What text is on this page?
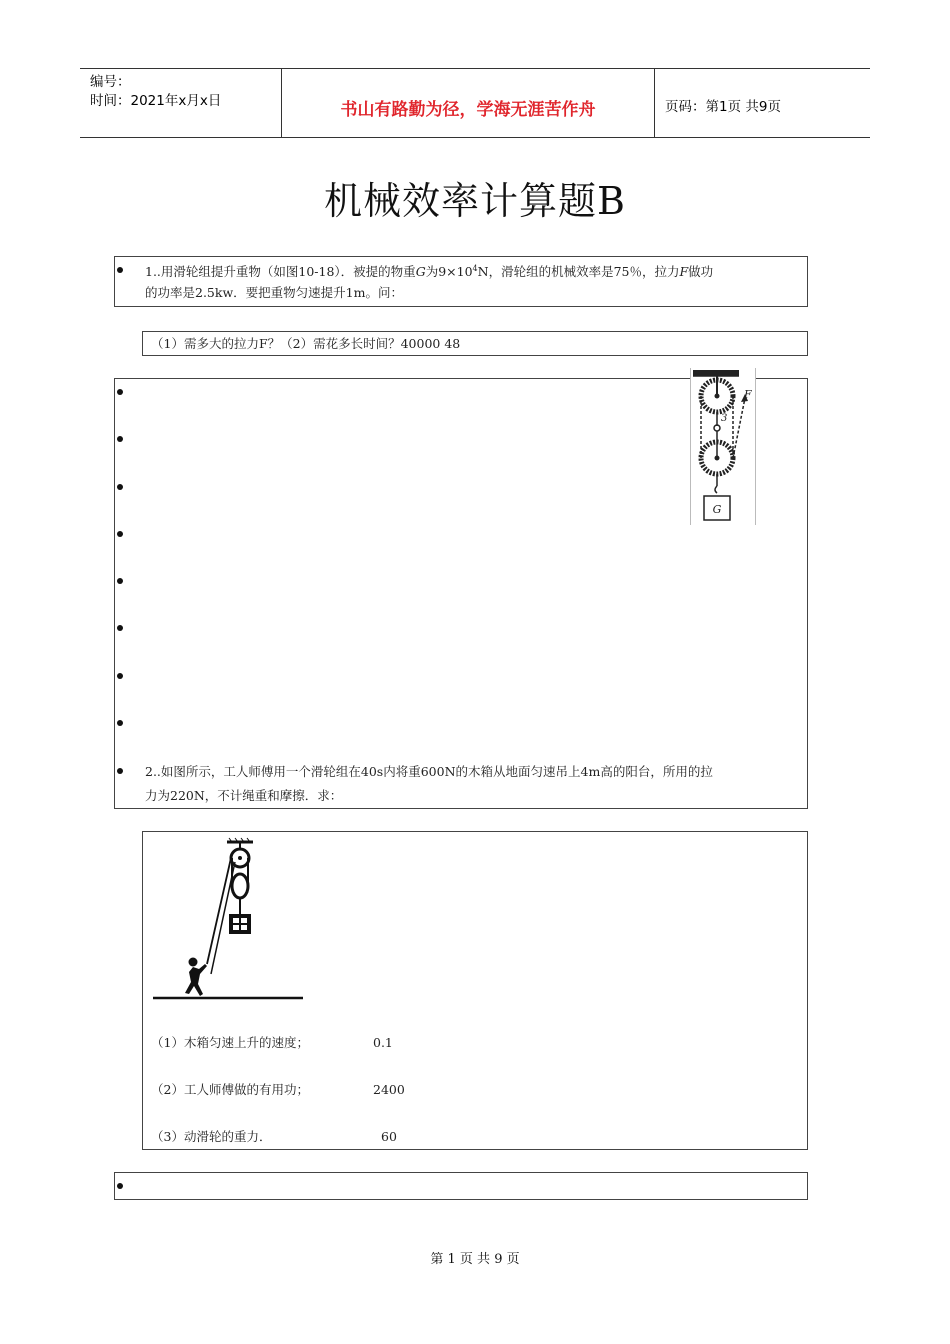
编号：
时间：2021年x月x日	书山有路勤为径，学海无涯苦作舟	页码：第1页 共9页
机械效率计算题B
1..用滑轮组提升重物（如图10-18）．被提的物重G为$9\times 10^4N$，滑轮组的机械效率是75％，拉力F做功
的功率是2.5kw．要把重物匀速提升1m。问：
（1）需多大的拉力F？（2）需花多长时间？40000 48
2..如图所示，工人师傅用一个滑轮组在40s内将重600N的木箱从地面匀速吊上4m高的阳台，所用的拉
力为220N，不计绳重和摩擦．求：
G
F
3
（1）木箱匀速上升的速度；	0.1
（2）工人师傅做的有用功；	2400
（3）动滑轮的重力．	60
第 1 页 共 9 页
